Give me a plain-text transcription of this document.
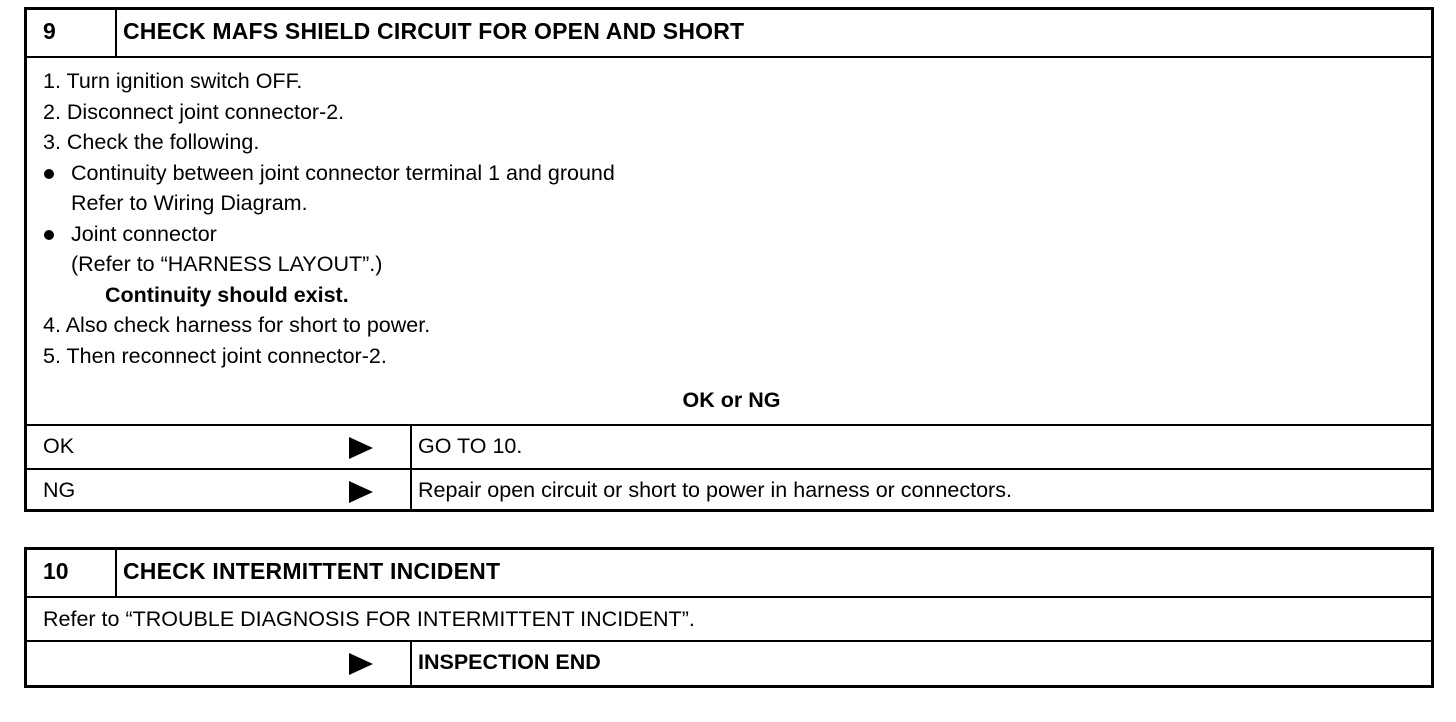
9	CHECK MAFS SHIELD CIRCUIT FOR OPEN AND SHORT
1. Turn ignition switch OFF.
2. Disconnect joint connector-2.
3. Check the following.
Continuity between joint connector terminal 1 and ground
Refer to Wiring Diagram.
Joint connector
(Refer to “HARNESS LAYOUT”.)
Continuity should exist.
4. Also check harness for short to power.
5. Then reconnect joint connector-2.
OK or NG
OK	GO TO 10.
NG	Repair open circuit or short to power in harness or connectors.
10 CHECK INTERMITTENT INCIDENT
Refer to “TROUBLE DIAGNOSIS FOR INTERMITTENT INCIDENT”.
INSPECTION END
